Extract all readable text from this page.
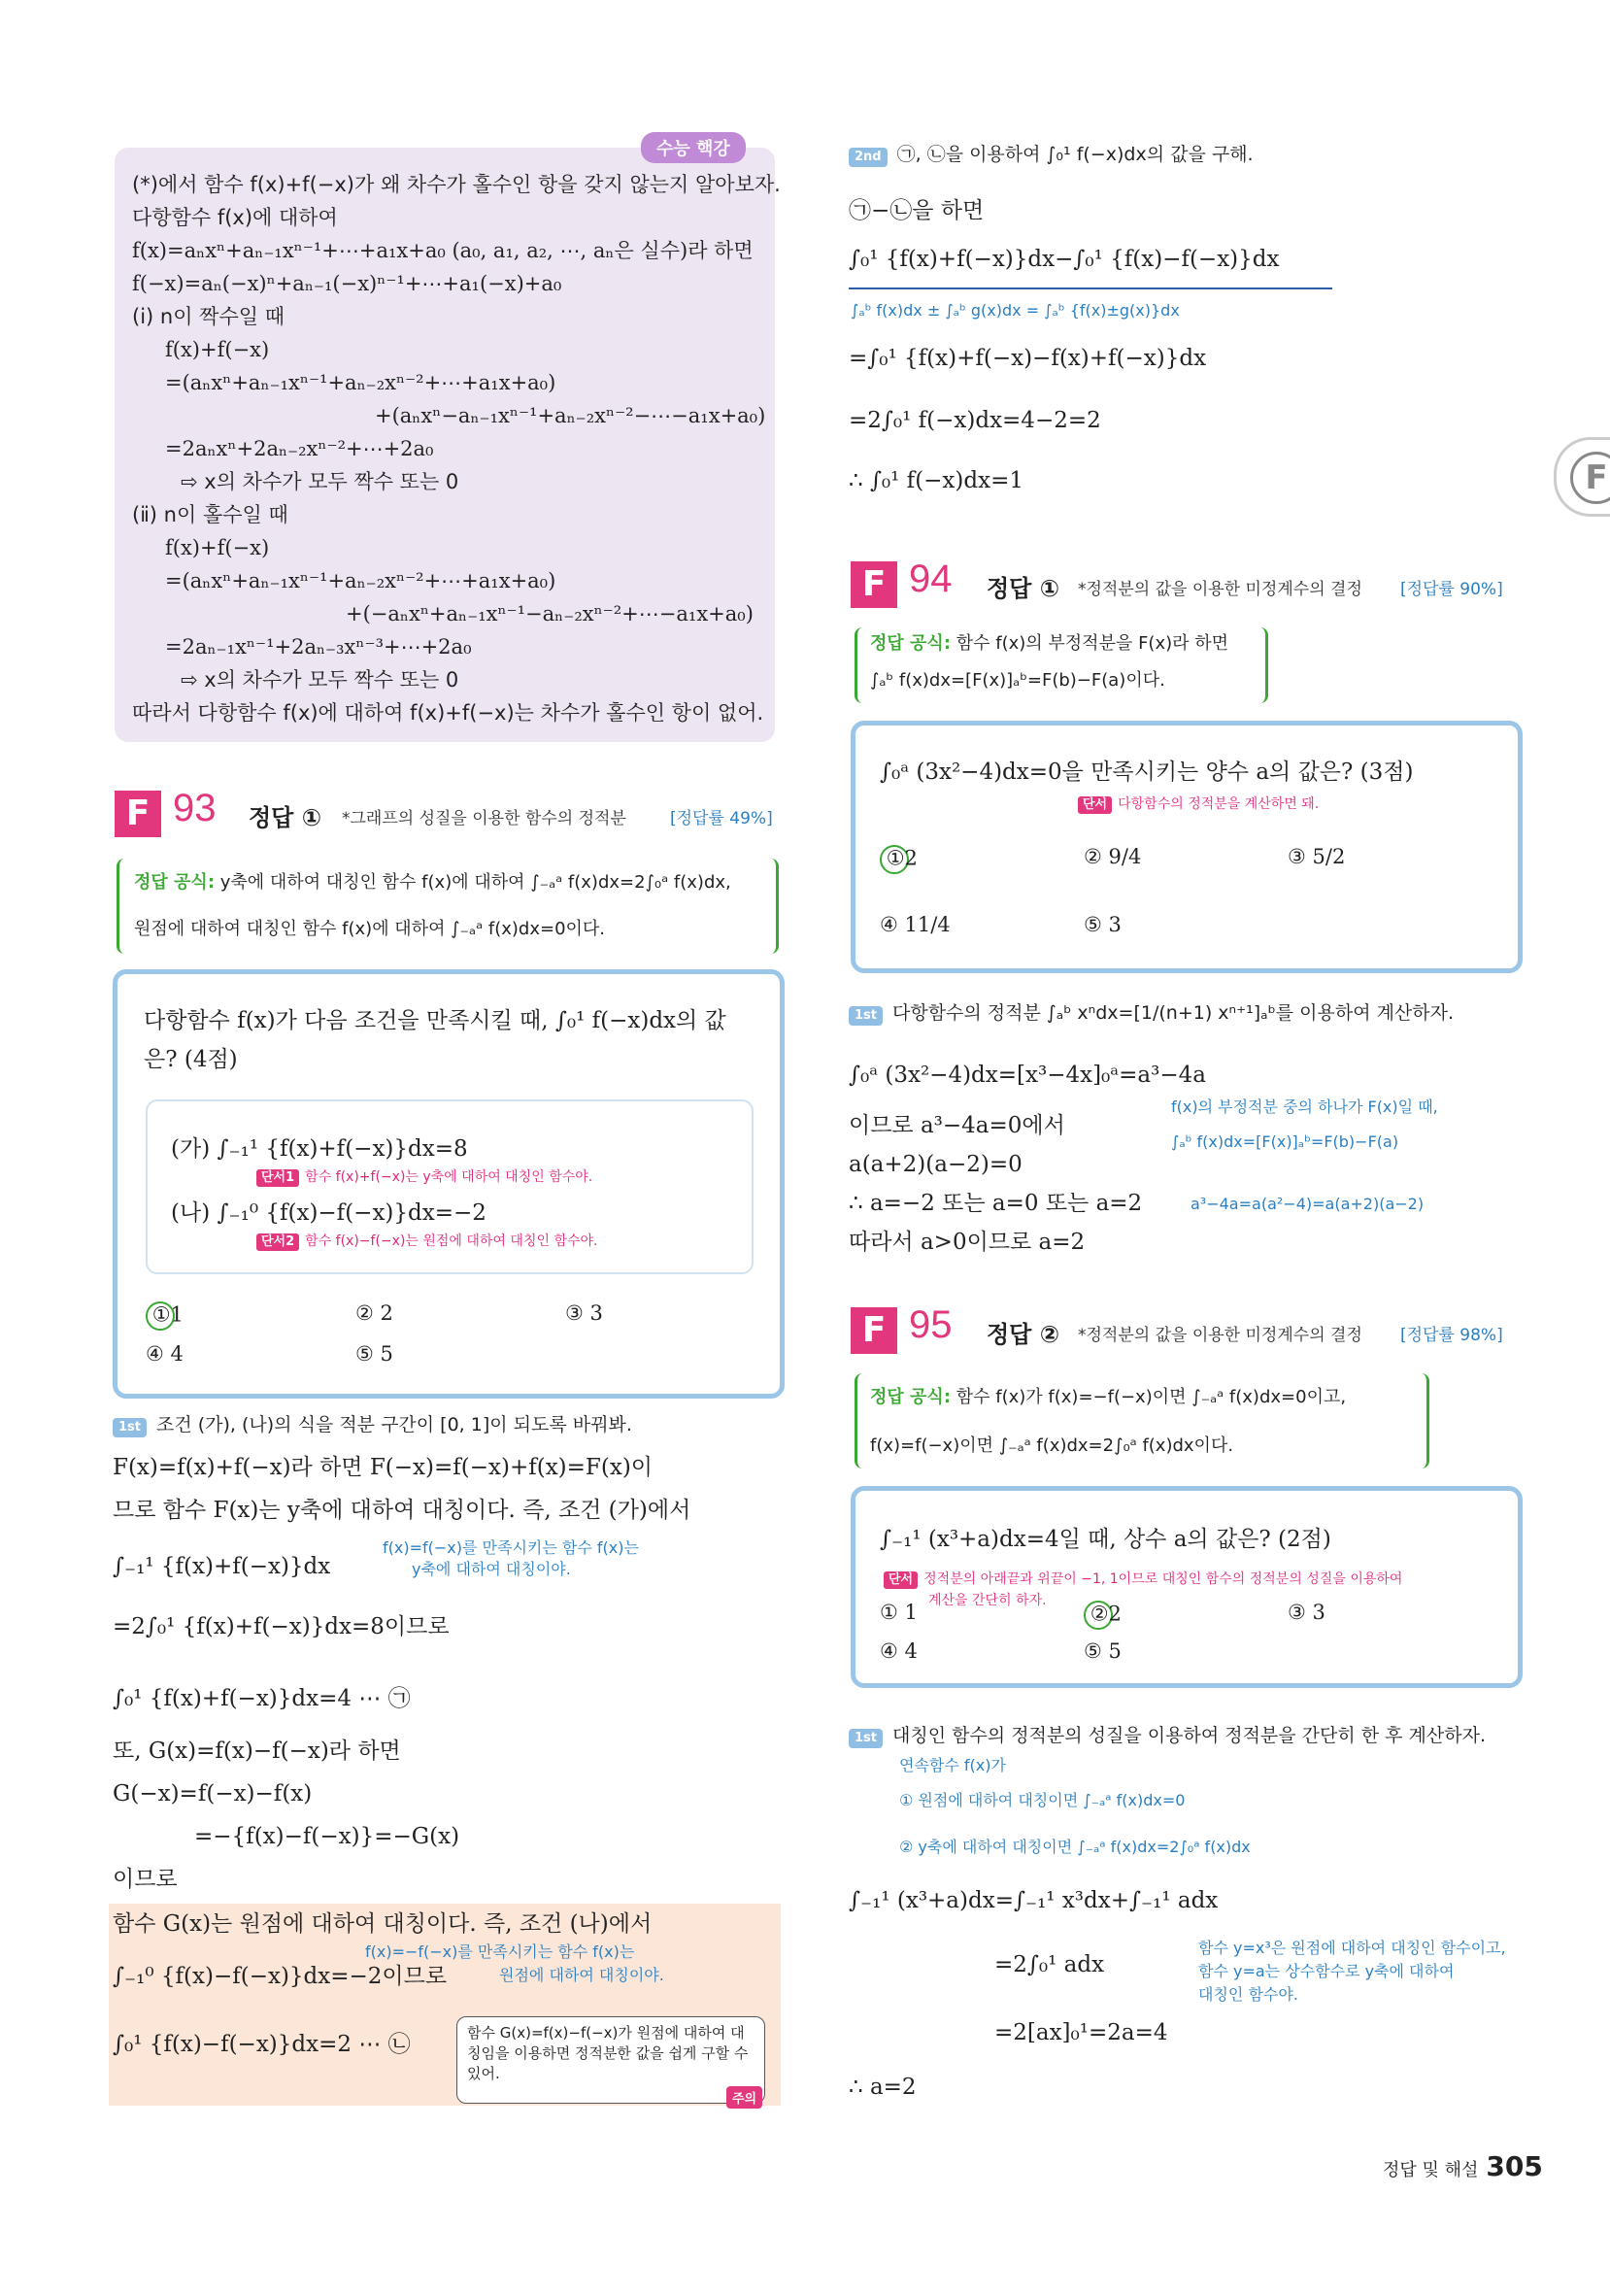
수능 핵강
(*)에서 함수 f(x)+f(−x)가 왜 차수가 홀수인 항을 갖지 않는지 알아보자.
다항함수 f(x)에 대하여
f(x)=aₙxⁿ+aₙ₋₁xⁿ⁻¹+⋯+a₁x+a₀ (a₀, a₁, a₂, ⋯, aₙ은 실수)라 하면
f(−x)=aₙ(−x)ⁿ+aₙ₋₁(−x)ⁿ⁻¹+⋯+a₁(−x)+a₀
(ⅰ) n이 짝수일 때
f(x)+f(−x)
=(aₙxⁿ+aₙ₋₁xⁿ⁻¹+aₙ₋₂xⁿ⁻²+⋯+a₁x+a₀)
+(aₙxⁿ−aₙ₋₁xⁿ⁻¹+aₙ₋₂xⁿ⁻²−⋯−a₁x+a₀)
=2aₙxⁿ+2aₙ₋₂xⁿ⁻²+⋯+2a₀
⇨ x의 차수가 모두 짝수 또는 0
(ⅱ) n이 홀수일 때
f(x)+f(−x)
=(aₙxⁿ+aₙ₋₁xⁿ⁻¹+aₙ₋₂xⁿ⁻²+⋯+a₁x+a₀)
+(−aₙxⁿ+aₙ₋₁xⁿ⁻¹−aₙ₋₂xⁿ⁻²+⋯−a₁x+a₀)
=2aₙ₋₁xⁿ⁻¹+2aₙ₋₃xⁿ⁻³+⋯+2a₀
⇨ x의 차수가 모두 짝수 또는 0
따라서 다항함수 f(x)에 대하여 f(x)+f(−x)는 차수가 홀수인 항이 없어.
F 93 정답 ① *그래프의 성질을 이용한 함수의 정적분	[정답률 49%]
정답 공식: y축에 대하여 대칭인 함수 f(x)에 대하여 ∫₋ₐᵃ f(x)dx=2∫₀ᵃ f(x)dx,
원점에 대하여 대칭인 함수 f(x)에 대하여 ∫₋ₐᵃ f(x)dx=0이다.
다항함수 f(x)가 다음 조건을 만족시킬 때, ∫₀¹ f(−x)dx의 값
은? (4점)
(가) ∫₋₁¹ {f(x)+f(−x)}dx=8
단서1 함수 f(x)+f(−x)는 y축에 대하여 대칭인 함수야.
(나) ∫₋₁⁰ {f(x)−f(−x)}dx=−2
단서2 함수 f(x)−f(−x)는 원점에 대하여 대칭인 함수야.
①1	② 2	③ 3
④ 4	⑤ 5
1st 조건 (가), (나)의 식을 적분 구간이 [0, 1]이 되도록 바꿔봐.
F(x)=f(x)+f(−x)라 하면 F(−x)=f(−x)+f(x)=F(x)이
므로 함수 F(x)는 y축에 대하여 대칭이다. 즉, 조건 (가)에서
f(x)=f(−x)를 만족시키는 함수 f(x)는
y축에 대하여 대칭이야.
∫₋₁¹ {f(x)+f(−x)}dx
=2∫₀¹ {f(x)+f(−x)}dx=8이므로
∫₀¹ {f(x)+f(−x)}dx=4 ⋯ ㉠
또, G(x)=f(x)−f(−x)라 하면
G(−x)=f(−x)−f(x)
=−{f(x)−f(−x)}=−G(x)
이므로
함수 G(x)는 원점에 대하여 대칭이다. 즉, 조건 (나)에서
f(x)=−f(−x)를 만족시키는 함수 f(x)는
원점에 대하여 대칭이야.
∫₋₁⁰ {f(x)−f(−x)}dx=−2이므로
∫₀¹ {f(x)−f(−x)}dx=2 ⋯ ㉡	함수 G(x)=f(x)−f(−x)가 원점에 대하여 대칭임을 이용하면 정적분한 값을 쉽게 구할 수 있어.
주의
2nd ㉠, ㉡을 이용하여 ∫₀¹ f(−x)dx의 값을 구해.
㉠−㉡을 하면
∫₀¹ {f(x)+f(−x)}dx−∫₀¹ {f(x)−f(−x)}dx
∫ₐᵇ f(x)dx ± ∫ₐᵇ g(x)dx = ∫ₐᵇ {f(x)±g(x)}dx
=∫₀¹ {f(x)+f(−x)−f(x)+f(−x)}dx
=2∫₀¹ f(−x)dx=4−2=2
∴ ∫₀¹ f(−x)dx=1
F 94 정답 ① *정적분의 값을 이용한 미정계수의 결정 [정답률 90%]
정답 공식: 함수 f(x)의 부정적분을 F(x)라 하면
∫ₐᵇ f(x)dx=[F(x)]ₐᵇ=F(b)−F(a)이다.
∫₀ᵃ (3x²−4)dx=0을 만족시키는 양수 a의 값은? (3점)
단서 다항함수의 정적분을 계산하면 돼.
①2	② 9/4	③ 5/2
④ 11/4	⑤ 3
1st 다항함수의 정적분 ∫ₐᵇ xⁿdx=[1/(n+1) xⁿ⁺¹]ₐᵇ를 이용하여 계산하자.
∫₀ᵃ (3x²−4)dx=[x³−4x]₀ᵃ=a³−4a
f(x)의 부정적분 중의 하나가 F(x)일 때,
이므로 a³−4a=0에서
∫ₐᵇ f(x)dx=[F(x)]ₐᵇ=F(b)−F(a)
a(a+2)(a−2)=0
∴ a=−2 또는 a=0 또는 a=2	a³−4a=a(a²−4)=a(a+2)(a−2)
따라서 a>0이므로 a=2
F 95 정답 ② *정적분의 값을 이용한 미정계수의 결정 [정답률 98%]
정답 공식: 함수 f(x)가 f(x)=−f(−x)이면 ∫₋ₐᵃ f(x)dx=0이고,
f(x)=f(−x)이면 ∫₋ₐᵃ f(x)dx=2∫₀ᵃ f(x)dx이다.
∫₋₁¹ (x³+a)dx=4일 때, 상수 a의 값은? (2점)
단서 정적분의 아래끝과 위끝이 −1, 1이므로 대칭인 함수의 정적분의 성질을 이용하여
계산을 간단히 하자.
① 1	②2	③ 3
④ 4	⑤ 5
1st 대칭인 함수의 정적분의 성질을 이용하여 정적분을 간단히 한 후 계산하자.
연속함수 f(x)가
① 원점에 대하여 대칭이면 ∫₋ₐᵃ f(x)dx=0
② y축에 대하여 대칭이면 ∫₋ₐᵃ f(x)dx=2∫₀ᵃ f(x)dx
∫₋₁¹ (x³+a)dx=∫₋₁¹ x³dx+∫₋₁¹ adx
=2∫₀¹ adx
함수 y=x³은 원점에 대하여 대칭인 함수이고,
함수 y=a는 상수함수로 y축에 대하여
대칭인 함수야.
=2[ax]₀¹=2a=4
∴ a=2
F
정답 및 해설 305
